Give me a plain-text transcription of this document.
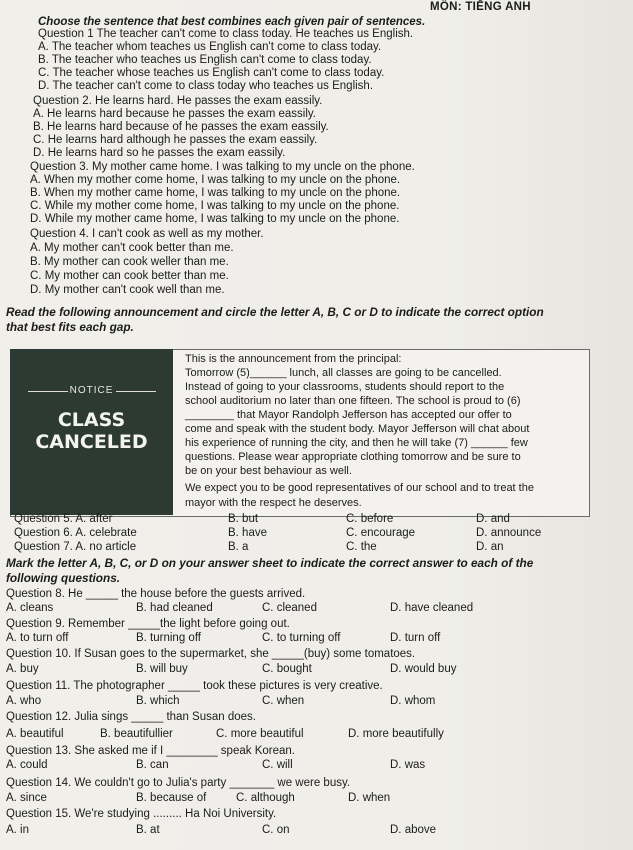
MÔN: TIẾNG ANH
Choose the sentence that best combines each given pair of sentences.
Question 1 The teacher can't come to class today. He teaches us English.
A. The teacher whom teaches us English can't come to class today.
B. The teacher who teaches us English can't come to class today.
C. The teacher whose teaches us English can't come to class today.
D. The teacher can't come to class today who teaches us English.
Question 2. He learns hard. He passes the exam eassily.
A. He learns hard because he passes the exam eassily.
B. He learns hard because of he passes the exam eassily.
C. He learns hard although he passes the exam eassily.
D. He learns hard so he passes the exam eassily.
Question 3. My mother came home. I was talking to my uncle on the phone.
A. When my mother come home, I was talking to my uncle on the phone.
B. When my mother came home, I was talking to my uncle on the phone.
C. While my mother come home, I was talking to my uncle on the phone.
D. While my mother came home, I was talking to my uncle on the phone.
Question 4. I can't cook as well as my mother.
A. My mother can't cook better than me.
B. My mother can cook weller than me.
C. My mother can cook better than me.
D. My mother can't cook well than me.
Read the following announcement and circle the letter A, B, C or D to indicate the correct option
that best fits each gap.
NOTICE
CLASS
CANCELED
This is the announcement from the principal:
Tomorrow (5)______ lunch, all classes are going to be cancelled.
Instead of going to your classrooms, students should report to the
school auditorium no later than one fifteen. The school is proud to (6)
________ that Mayor Randolph Jefferson has accepted our offer to
come and speak with the student body. Mayor Jefferson will chat about
his experience of running the city, and then he will take (7) ______ few
questions. Please wear appropriate clothing tomorrow and be sure to
be on your best behaviour as well.
We expect you to be good representatives of our school and to treat the
mayor with the respect he deserves.
Question 5. A. after	B. but	C. before	D. and
Question 6. A. celebrate	B. have	C. encourage	D. announce
Question 7. A. no article	B. a	C. the	D. an
Mark the letter A, B, C, or D on your answer sheet to indicate the correct answer to each of the
following questions.
Question 8. He _____ the house before the guests arrived.
A. cleans	B. had cleaned	C. cleaned	D. have cleaned
Question 9. Remember _____the light before going out.
A. to turn off	B. turning off	C. to turning off	D. turn off
Question 10. If Susan goes to the supermarket, she _____(buy) some tomatoes.
A. buy	B. will buy	C. bought	D. would buy
Question 11. The photographer _____ took these pictures is very creative.
A. who	B. which	C. when	D. whom
Question 12. Julia sings _____ than Susan does.
A. beautiful	B. beautifullier	C. more beautiful	D. more beautifully
Question 13. She asked me if I ________ speak Korean.
A. could	B. can	C. will	D. was
Question 14. We couldn't go to Julia's party _______ we were busy.
A. since	B. because of	C. although	D. when
Question 15. We're studying ......... Ha Noi University.
A. in	B. at	C. on	D. above
